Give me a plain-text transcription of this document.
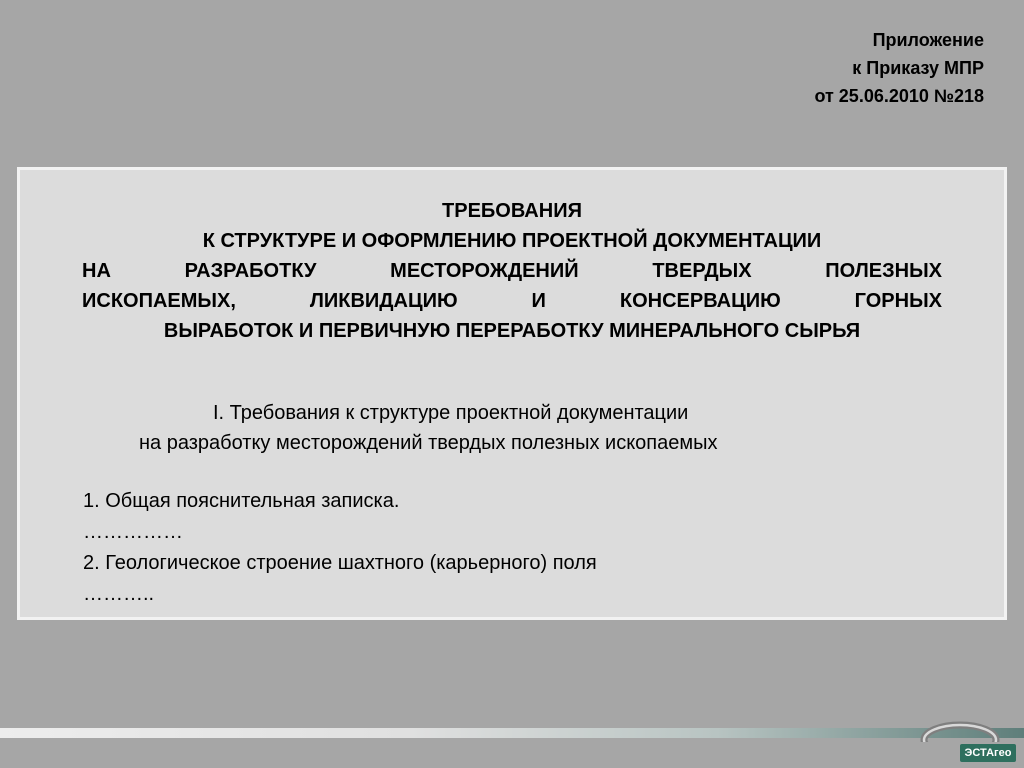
Приложение
к Приказу МПР
от 25.06.2010 №218
ТРЕБОВАНИЯ
К СТРУКТУРЕ И ОФОРМЛЕНИЮ ПРОЕКТНОЙ ДОКУМЕНТАЦИИ
НА РАЗРАБОТКУ МЕСТОРОЖДЕНИЙ ТВЕРДЫХ ПОЛЕЗНЫХ
ИСКОПАЕМЫХ, ЛИКВИДАЦИЮ И КОНСЕРВАЦИЮ ГОРНЫХ
ВЫРАБОТОК И ПЕРВИЧНУЮ ПЕРЕРАБОТКУ МИНЕРАЛЬНОГО СЫРЬЯ
I. Требования к структуре проектной документации
на разработку месторождений твердых полезных ископаемых
1. Общая пояснительная записка.
……………
2. Геологическое строение шахтного (карьерного) поля
………..
ЭСТАгео
